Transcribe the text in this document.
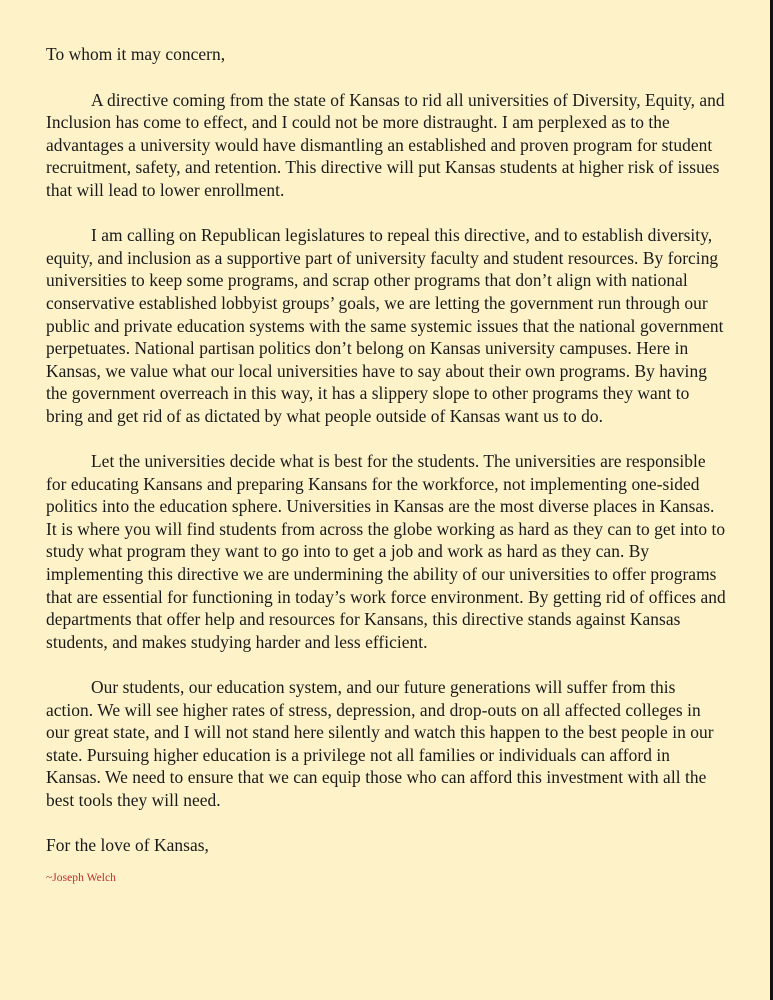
To whom it may concern,

A directive coming from the state of Kansas to rid all universities of Diversity, Equity, and Inclusion has come to effect, and I could not be more distraught. I am perplexed as to the advantages a university would have dismantling an established and proven program for student recruitment, safety, and retention. This directive will put Kansas students at higher risk of issues that will lead to lower enrollment.

I am calling on Republican legislatures to repeal this directive, and to establish diversity, equity, and inclusion as a supportive part of university faculty and student resources. By forcing universities to keep some programs, and scrap other programs that don’t align with national conservative established lobbyist groups’ goals, we are letting the government run through our public and private education systems with the same systemic issues that the national government perpetuates. National partisan politics don’t belong on Kansas university campuses. Here in Kansas, we value what our local universities have to say about their own programs. By having the government overreach in this way, it has a slippery slope to other programs they want to bring and get rid of as dictated by what people outside of Kansas want us to do.

Let the universities decide what is best for the students. The universities are responsible for educating Kansans and preparing Kansans for the workforce, not implementing one-sided politics into the education sphere. Universities in Kansas are the most diverse places in Kansas. It is where you will find students from across the globe working as hard as they can to get into to study what program they want to go into to get a job and work as hard as they can. By implementing this directive we are undermining the ability of our universities to offer programs that are essential for functioning in today’s work force environment. By getting rid of offices and departments that offer help and resources for Kansans, this directive stands against Kansas students, and makes studying harder and less efficient.

Our students, our education system, and our future generations will suffer from this action. We will see higher rates of stress, depression, and drop-outs on all affected colleges in our great state, and I will not stand here silently and watch this happen to the best people in our state. Pursuing higher education is a privilege not all families or individuals can afford in Kansas. We need to ensure that we can equip those who can afford this investment with all the best tools they will need.

For the love of Kansas,

~Joseph Welch
